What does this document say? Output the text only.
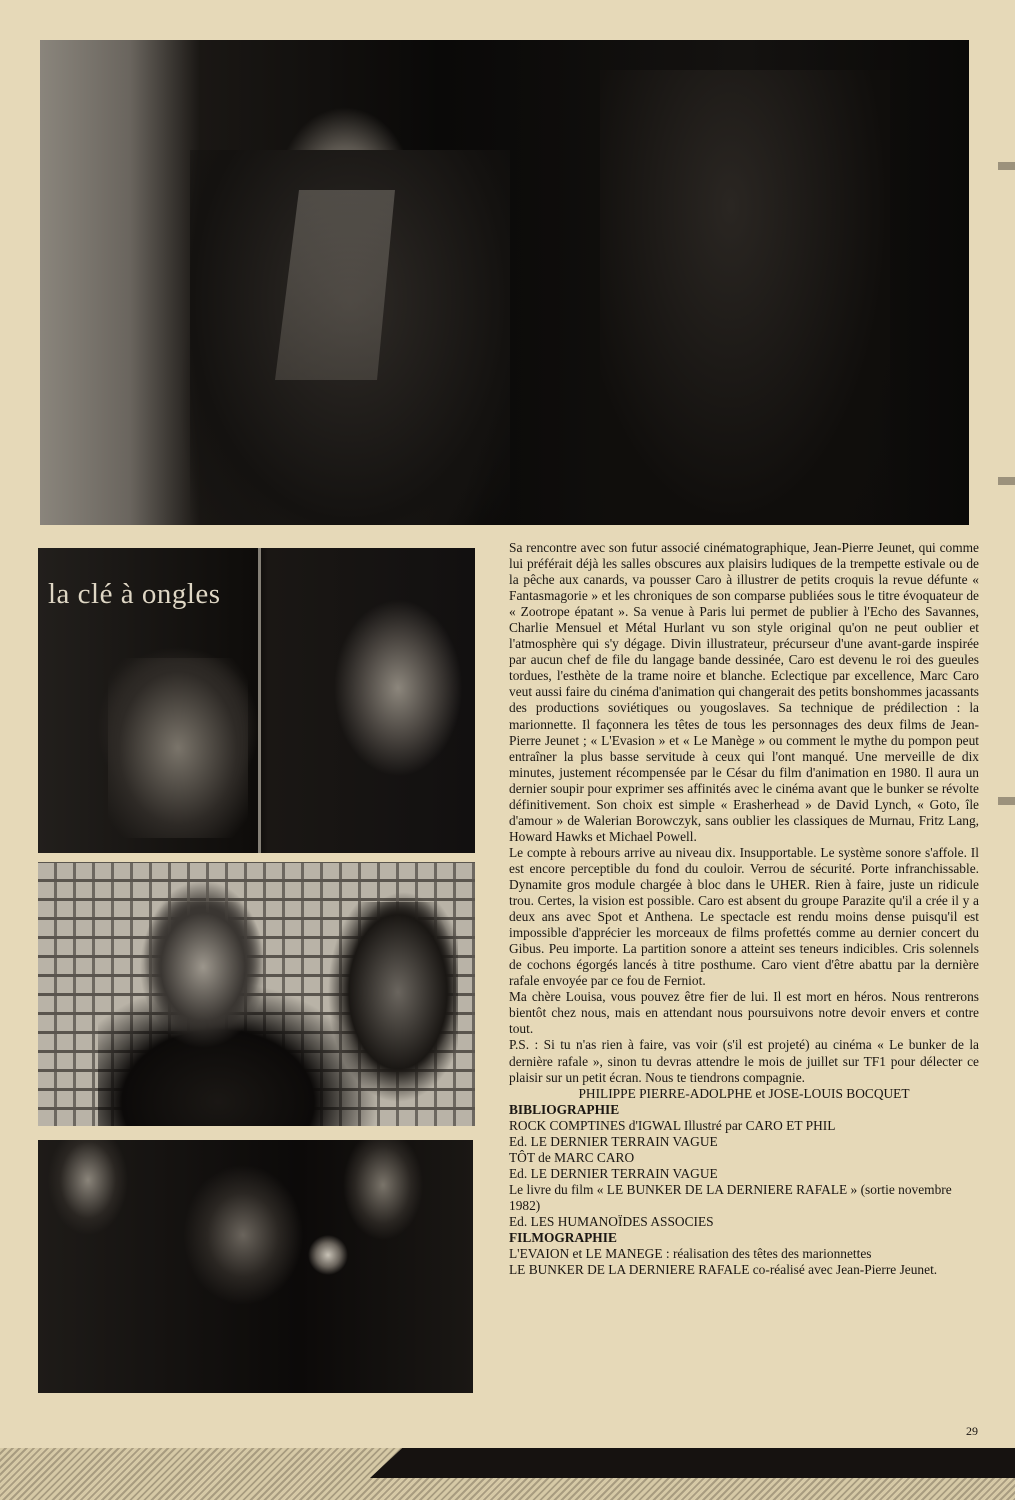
la clé à ongles

Sa rencontre avec son futur associé cinématographique, Jean-Pierre Jeunet, qui comme lui préférait déjà les salles obscures aux plaisirs ludiques de la trempette estivale ou de la pêche aux canards, va pousser Caro à illustrer de petits croquis la revue défunte « Fantasmagorie » et les chroniques de son comparse publiées sous le titre évoquateur de « Zootrope épatant ». Sa venue à Paris lui permet de publier à l'Echo des Savannes, Charlie Mensuel et Métal Hurlant vu son style original qu'on ne peut oublier et l'atmosphère qui s'y dégage. Divin illustrateur, précurseur d'une avant-garde inspirée par aucun chef de file du langage bande dessinée, Caro est devenu le roi des gueules tordues, l'esthète de la trame noire et blanche. Eclectique par excellence, Marc Caro veut aussi faire du cinéma d'animation qui changerait des petits bonshommes jacassants des productions soviétiques ou yougoslaves. Sa technique de prédilection : la marionnette. Il façonnera les têtes de tous les personnages des deux films de Jean-Pierre Jeunet ; « L'Evasion » et « Le Manège » ou comment le mythe du pompon peut entraîner la plus basse servitude à ceux qui l'ont manqué. Une merveille de dix minutes, justement récompensée par le César du film d'animation en 1980. Il aura un dernier soupir pour exprimer ses affinités avec le cinéma avant que le bunker se révolte définitivement. Son choix est simple « Erasherhead » de David Lynch, « Goto, île d'amour » de Walerian Borowczyk, sans oublier les classiques de Murnau, Fritz Lang, Howard Hawks et Michael Powell.

Le compte à rebours arrive au niveau dix. Insupportable. Le système sonore s'affole. Il est encore perceptible du fond du couloir. Verrou de sécurité. Porte infranchissable. Dynamite gros module chargée à bloc dans le UHER. Rien à faire, juste un ridicule trou. Certes, la vision est possible. Caro est absent du groupe Parazite qu'il a crée il y a deux ans avec Spot et Anthena. Le spectacle est rendu moins dense puisqu'il est impossible d'apprécier les morceaux de films profettés comme au dernier concert du Gibus. Peu importe. La partition sonore a atteint ses teneurs indicibles. Cris solennels de cochons égorgés lancés à titre posthume. Caro vient d'être abattu par la dernière rafale envoyée par ce fou de Ferniot.

Ma chère Louisa, vous pouvez être fier de lui. Il est mort en héros. Nous rentrerons bientôt chez nous, mais en attendant nous poursuivons notre devoir envers et contre tout.

P.S. : Si tu n'as rien à faire, vas voir (s'il est projeté) au cinéma « Le bunker de la dernière rafale », sinon tu devras attendre le mois de juillet sur TF1 pour délecter ce plaisir sur un petit écran. Nous te tiendrons compagnie.

PHILIPPE PIERRE-ADOLPHE et JOSE-LOUIS BOCQUET

BIBLIOGRAPHIE

ROCK COMPTINES d'IGWAL Illustré par CARO ET PHIL

Ed. LE DERNIER TERRAIN VAGUE

TÔT de MARC CARO

Ed. LE DERNIER TERRAIN VAGUE

Le livre du film « LE BUNKER DE LA DERNIERE RAFALE » (sortie novembre 1982)

Ed. LES HUMANOÏDES ASSOCIES

FILMOGRAPHIE

L'EVAION et LE MANEGE : réalisation des têtes des marionnettes

LE BUNKER DE LA DERNIERE RAFALE co-réalisé avec Jean-Pierre Jeunet.

29
